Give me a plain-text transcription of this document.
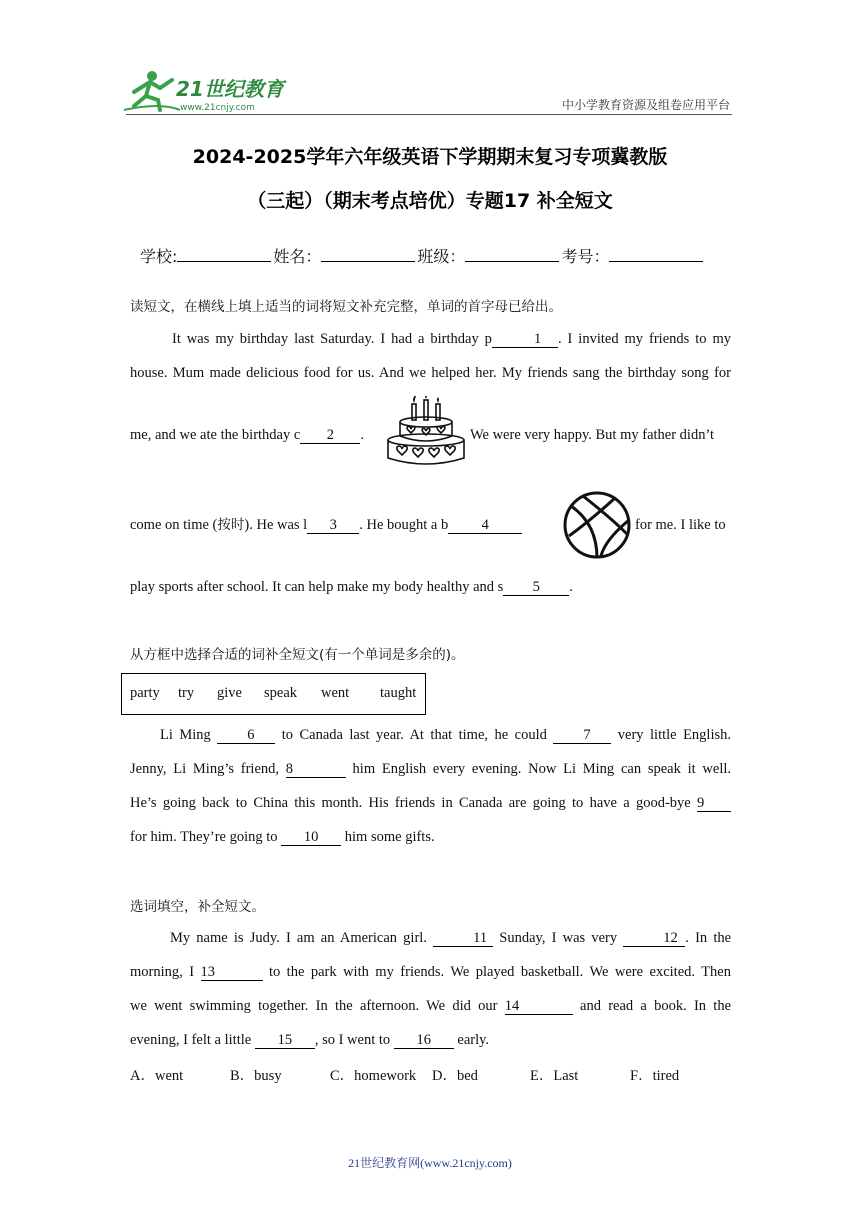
21世纪教育
www.21cnjy.com	中小学教育资源及组卷应用平台
2024-2025学年六年级英语下学期期末复习专项冀教版
（三起）（期末考点培优）专题17 补全短文
学校:	姓名：	班级：	考号：
读短文，在横线上填上适当的词将短文补充完整，单词的首字母已给出。
It was my birthday last Saturday. I had a birthday p	1 . I invited my friends to my
house. Mum made delicious food for us. And we helped her. My friends sang the birthday song for
me, and we ate the birthday c 2 .	We were very happy. But my father didn’t
come on time (按时). He was l 3 . He bought a b 4	for me. I like to
play sports after school. It can help make my body healthy and s 5 .
从方框中选择合适的词补全短文(有一个单词是多余的)。
party try give speak went taught
Li Ming	6 to Canada last year. At that time, he could	7 very little English.
Jenny, Li Ming’s friend, 8	him English every evening. Now Li Ming can speak it well.
He’s going back to China this month. His friends in Canada are going to have a good-bye 9
for him. They’re going to 10 him some gifts.
选词填空，补全短文。
My name is Judy. I am an American girl.	11 Sunday, I was very	12 . In the
morning, I 13	to the park with my friends. We played basketball. We were excited. Then
we went swimming together. In the afternoon. We did our 14	and read a book. In the
evening, I felt a little 15 , so I went to 16 early.
A．went	B．busy	C．homework D．bed	E．Last	F．tired
21世纪教育网(www.21cnjy.com)
